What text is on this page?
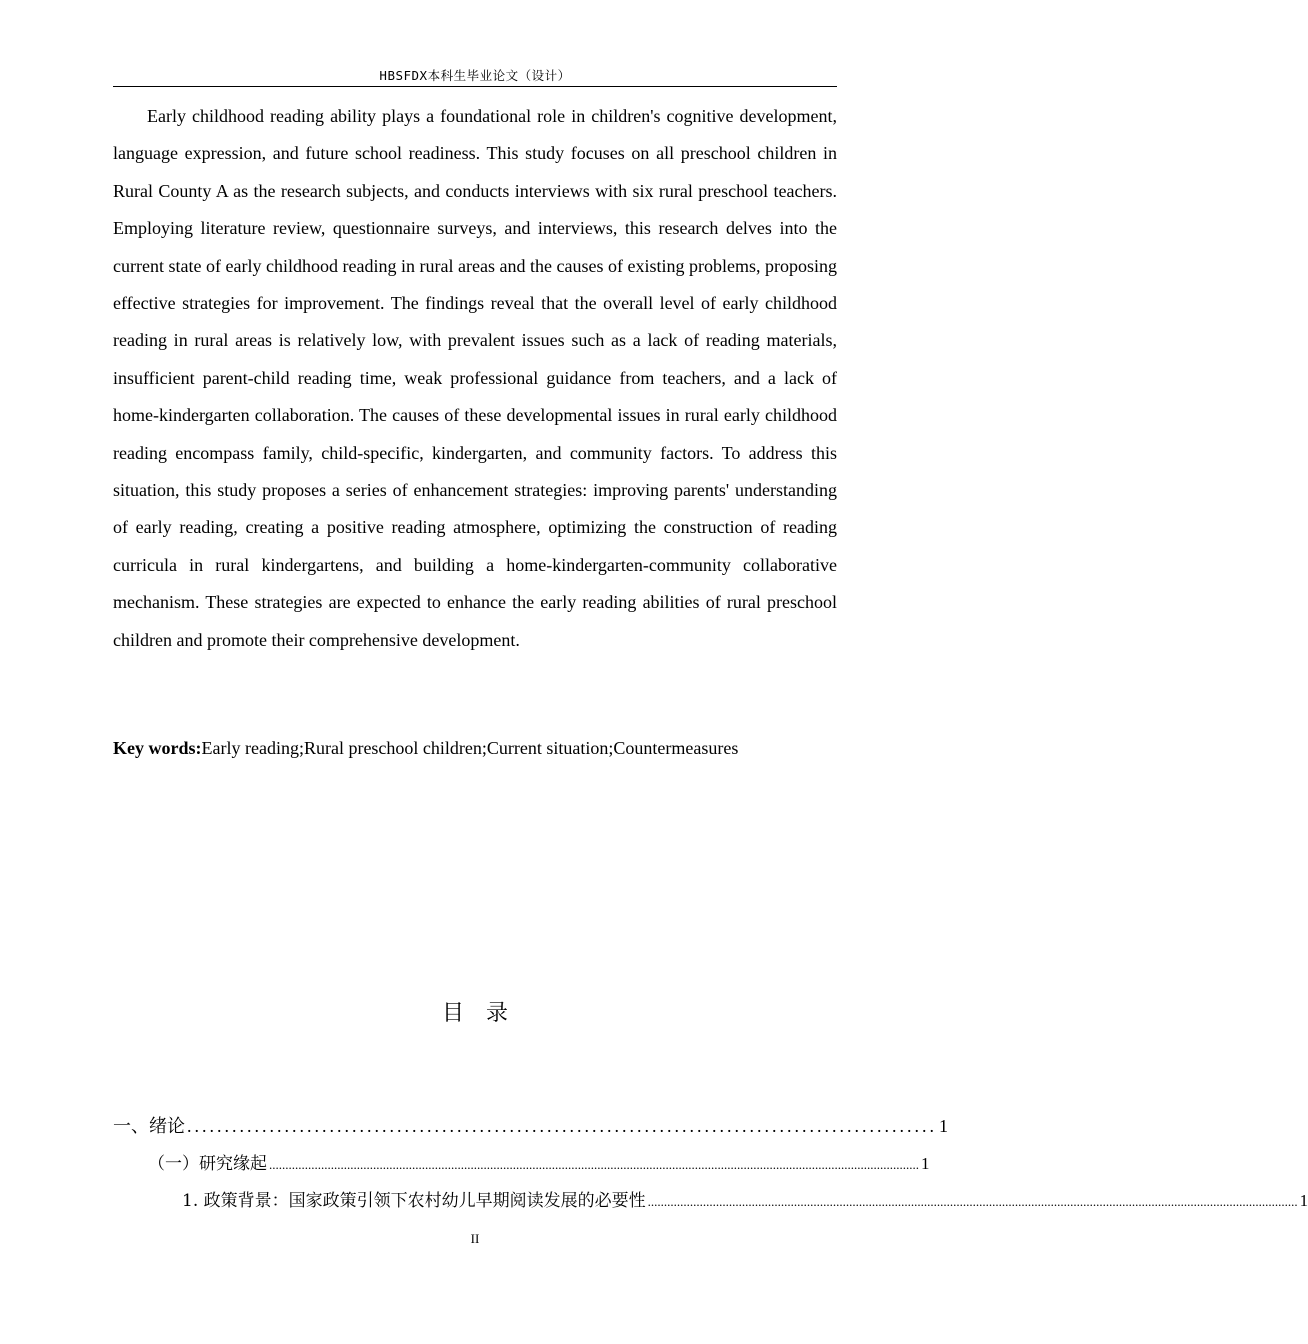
HBSFDX本科生毕业论文（设计）

Early childhood reading ability plays a foundational role in children's cognitive development, language expression, and future school readiness. This study focuses on all preschool children in Rural County A as the research subjects, and conducts interviews with six rural preschool teachers. Employing literature review, questionnaire surveys, and interviews, this research delves into the current state of early childhood reading in rural areas and the causes of existing problems, proposing effective strategies for improvement. The findings reveal that the overall level of early childhood reading in rural areas is relatively low, with prevalent issues such as a lack of reading materials, insufficient parent-child reading time, weak professional guidance from teachers, and a lack of home-kindergarten collaboration. The causes of these developmental issues in rural early childhood reading encompass family, child-specific, kindergarten, and community factors. To address this situation, this study proposes a series of enhancement strategies: improving parents' understanding of early reading, creating a positive reading atmosphere, optimizing the construction of reading curricula in rural kindergartens, and building a home-kindergarten-community collaborative mechanism. These strategies are expected to enhance the early reading abilities of rural preschool children and promote their comprehensive development.

Key words:Early reading;Rural preschool children;Current situation;Countermeasures

目录
一、绪论 .................................................................................................... 1
（一）研究缘起 ........................................................................................................................................................................................................ 1
1. 政策背景：国家政策引领下农村幼儿早期阅读发展的必要性 ........................................................................................................................................................................................................ 1
II
